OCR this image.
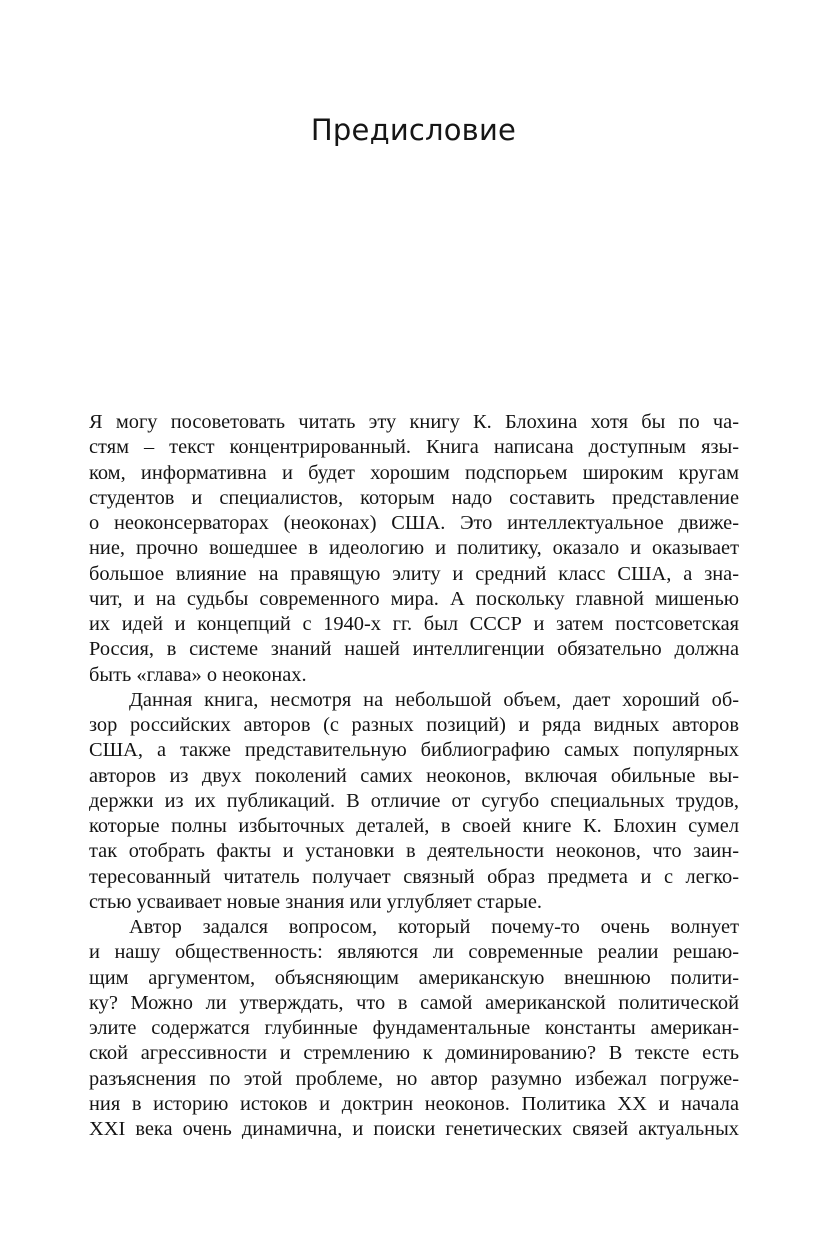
Предисловие
Я могу посоветовать читать эту книгу К. Блохина хотя бы по ча-
стям – текст концентрированный. Книга написана доступным язы-
ком, информативна и будет хорошим подспорьем широким кругам
студентов и специалистов, которым надо составить представление
о неоконсерваторах (неоконах) США. Это интеллектуальное движе-
ние, прочно вошедшее в идеологию и политику, оказало и оказывает
большое влияние на правящую элиту и средний класс США, а зна-
чит, и на судьбы современного мира. А поскольку главной мишенью
их идей и концепций с 1940-х гг. был СССР и затем постсоветская
Россия, в системе знаний нашей интеллигенции обязательно должна
быть «глава» о неоконах.
Данная книга, несмотря на небольшой объем, дает хороший об-
зор российских авторов (с разных позиций) и ряда видных авторов
США, а также представительную библиографию самых популярных
авторов из двух поколений самих неоконов, включая обильные вы-
держки из их публикаций. В отличие от сугубо специальных трудов,
которые полны избыточных деталей, в своей книге К. Блохин сумел
так отобрать факты и установки в деятельности неоконов, что заин-
тересованный читатель получает связный образ предмета и с легко-
стью усваивает новые знания или углубляет старые.
Автор задался вопросом, который почему-то очень волнует
и нашу общественность: являются ли современные реалии решаю-
щим аргументом, объясняющим американскую внешнюю полити-
ку? Можно ли утверждать, что в самой американской политической
элите содержатся глубинные фундаментальные константы американ-
ской агрессивности и стремлению к доминированию? В тексте есть
разъяснения по этой проблеме, но автор разумно избежал погруже-
ния в историю истоков и доктрин неоконов. Политика XX и начала
XXI века очень динамична, и поиски генетических связей актуальных
